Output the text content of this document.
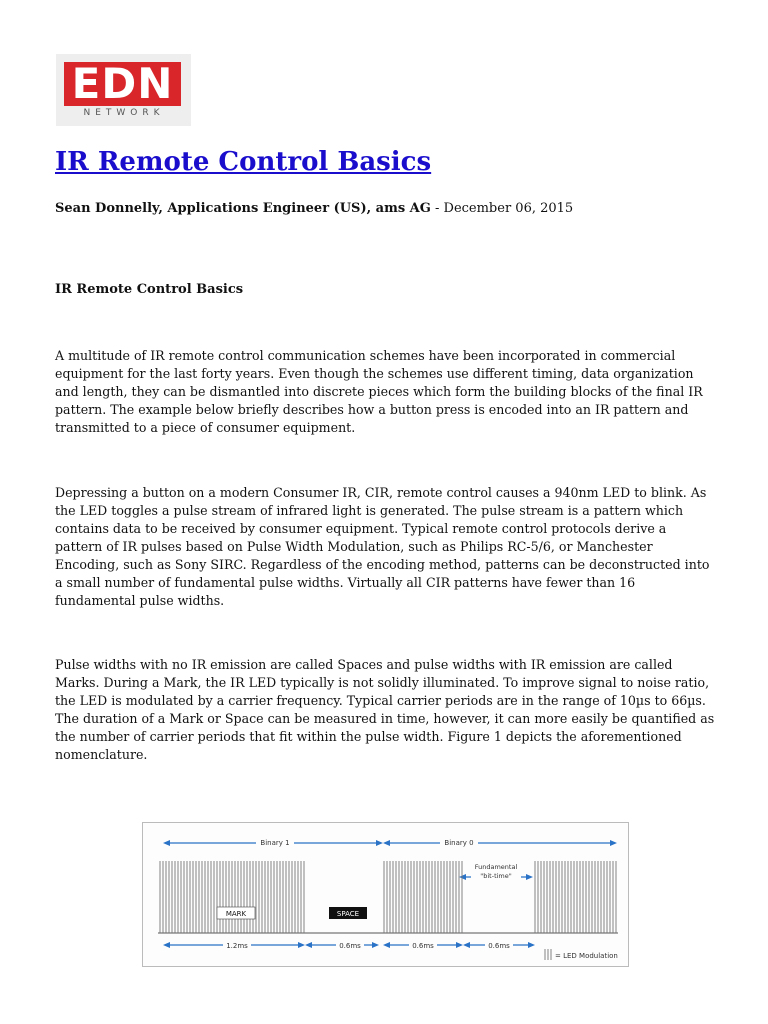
EDN
NETWORK
IR Remote Control Basics
Sean Donnelly, Applications Engineer (US), ams AG - December 06, 2015
IR Remote Control Basics

A multitude of IR remote control communication schemes have been incorporated in commercial equipment for the last forty years. Even though the schemes use different timing, data organization and length, they can be dismantled into discrete pieces which form the building blocks of the final IR pattern. The example below briefly describes how a button press is encoded into an IR pattern and transmitted to a piece of consumer equipment.

Depressing a button on a modern Consumer IR, CIR, remote control causes a 940nm LED to blink. As the LED toggles a pulse stream of infrared light is generated. The pulse stream is a pattern which contains data to be received by consumer equipment. Typical remote control protocols derive a pattern of IR pulses based on Pulse Width Modulation, such as Philips RC-5/6, or Manchester Encoding, such as Sony SIRC. Regardless of the encoding method, patterns can be deconstructed into a small number of fundamental pulse widths. Virtually all CIR patterns have fewer than 16 fundamental pulse widths.

Pulse widths with no IR emission are called Spaces and pulse widths with IR emission are called Marks. During a Mark, the IR LED typically is not solidly illuminated. To improve signal to noise ratio, the LED is modulated by a carrier frequency. Typical carrier periods are in the range of 10µs to 66µs. The duration of a Mark or Space can be measured in time, however, it can more easily be quantified as the number of carrier periods that fit within the pulse width. Figure 1 depicts the aforementioned nomenclature.

MARK	SPACE
Binary 1	Binary 0
Fundamental
"bit-time"
1.2ms	0.6ms	0.6ms	0.6ms
= LED Modulation
